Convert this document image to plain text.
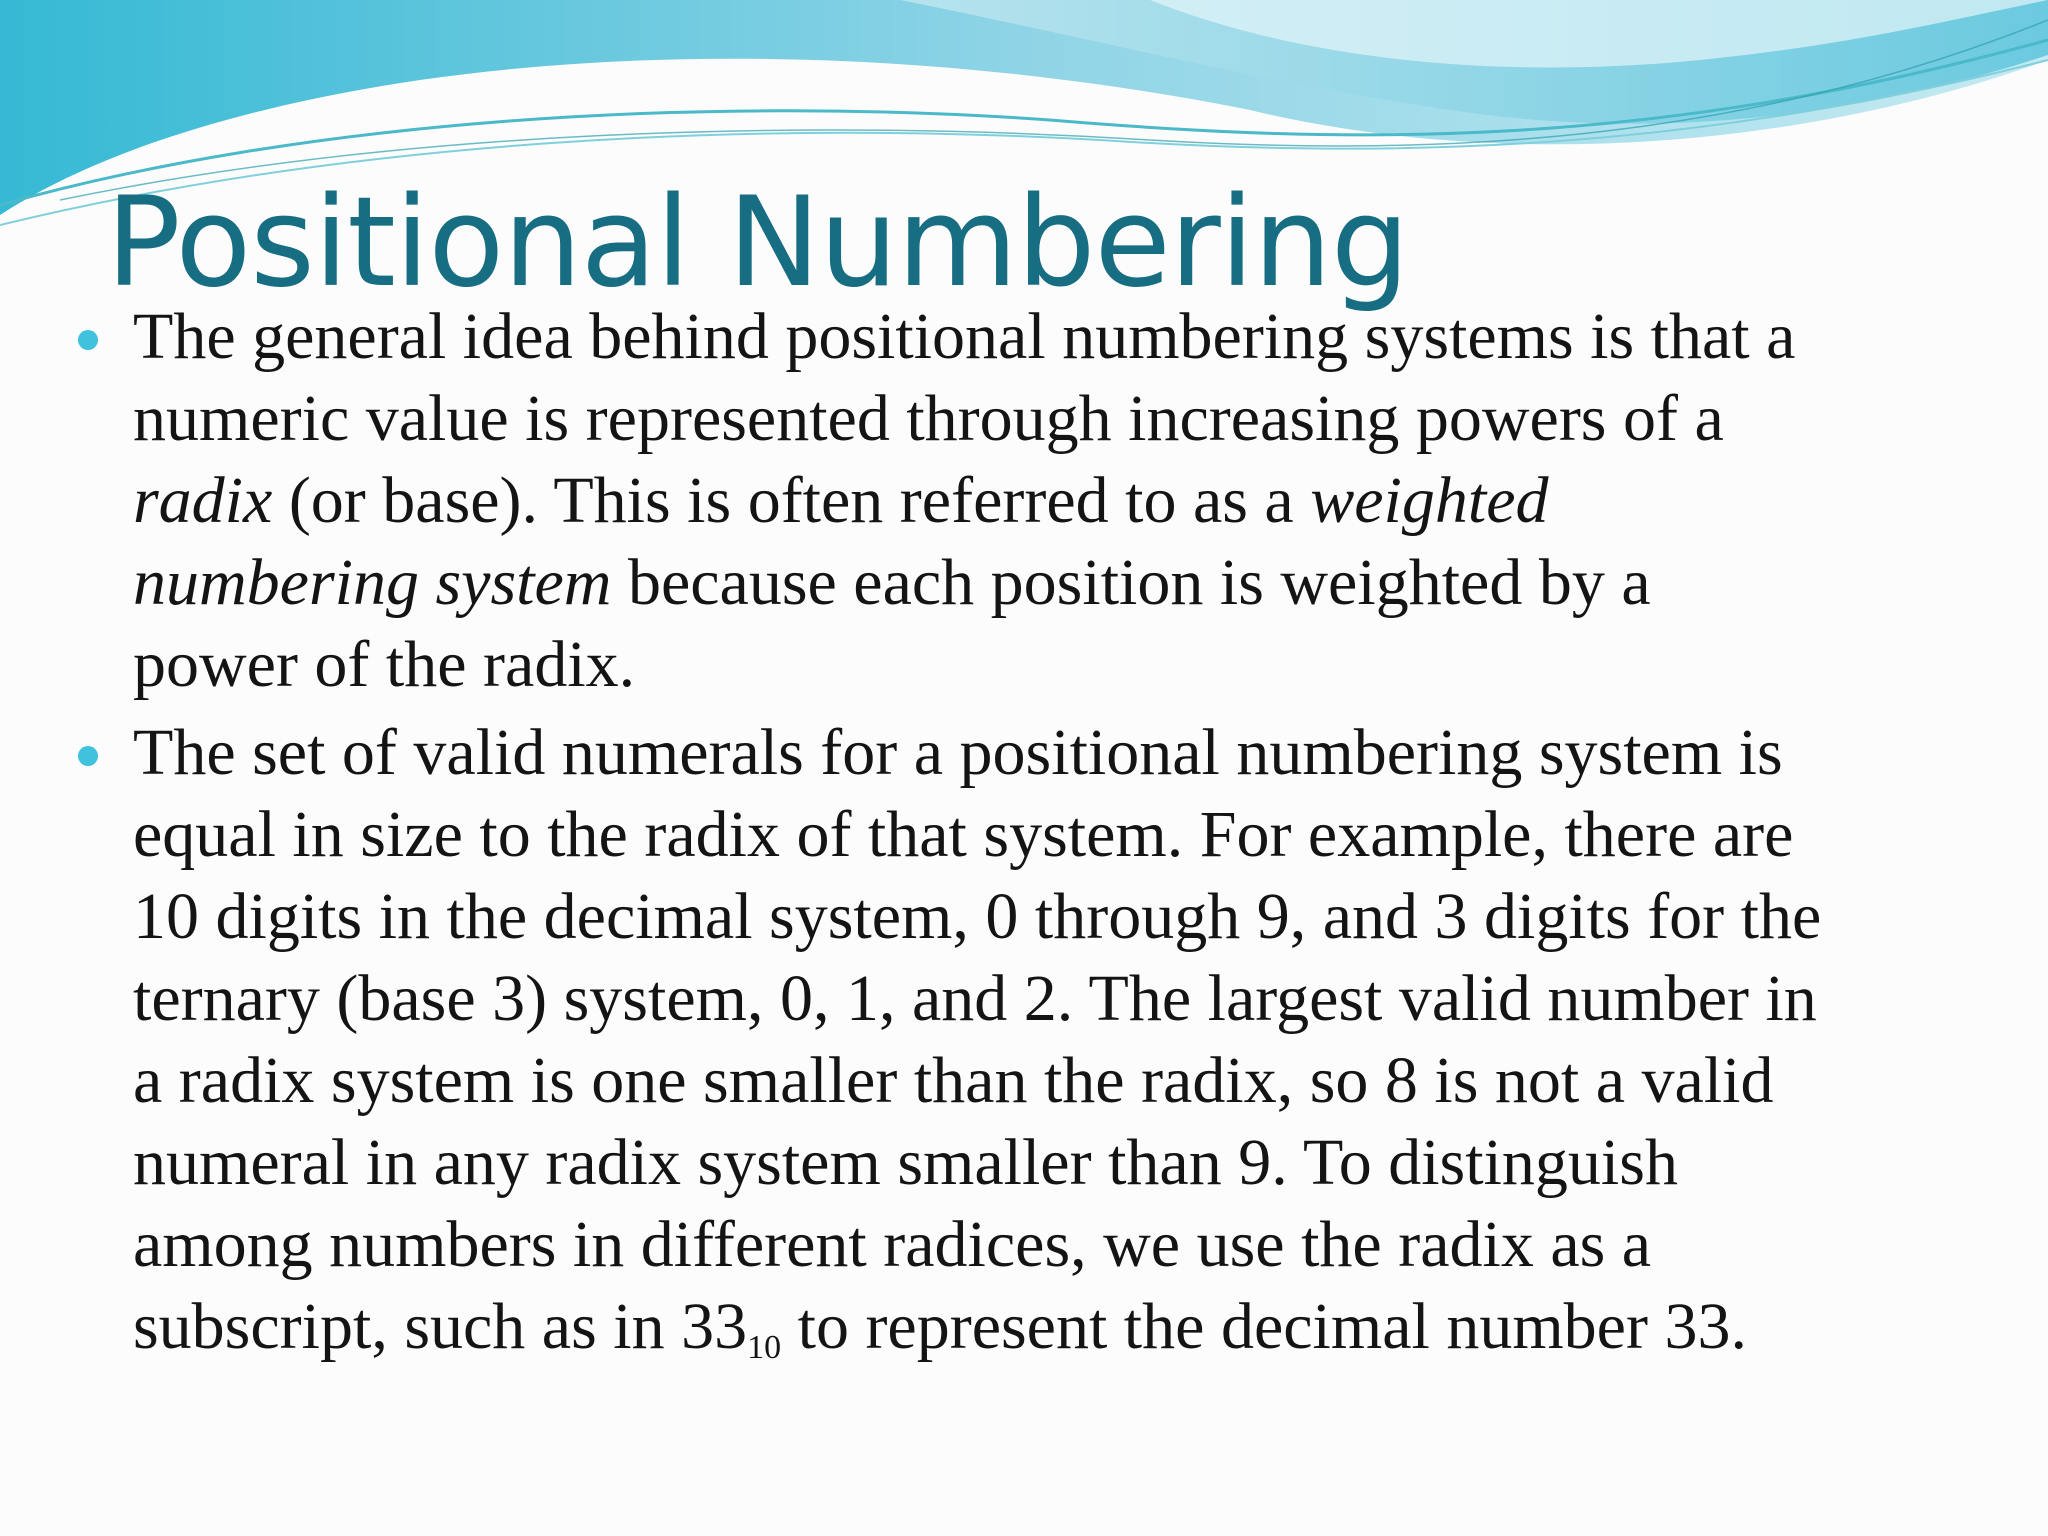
Positional Numbering
The general idea behind positional numbering systems is that a
numeric value is represented through increasing powers of a
radix (or base). This is often referred to as a weighted
numbering system because each position is weighted by a
power of the radix.
The set of valid numerals for a positional numbering system is
equal in size to the radix of that system. For example, there are
10 digits in the decimal system, 0 through 9, and 3 digits for the
ternary (base 3) system, 0, 1, and 2. The largest valid number in
a radix system is one smaller than the radix, so 8 is not a valid
numeral in any radix system smaller than 9. To distinguish
among numbers in different radices, we use the radix as a
subscript, such as in $33_{10}$ to represent the decimal number 33.
